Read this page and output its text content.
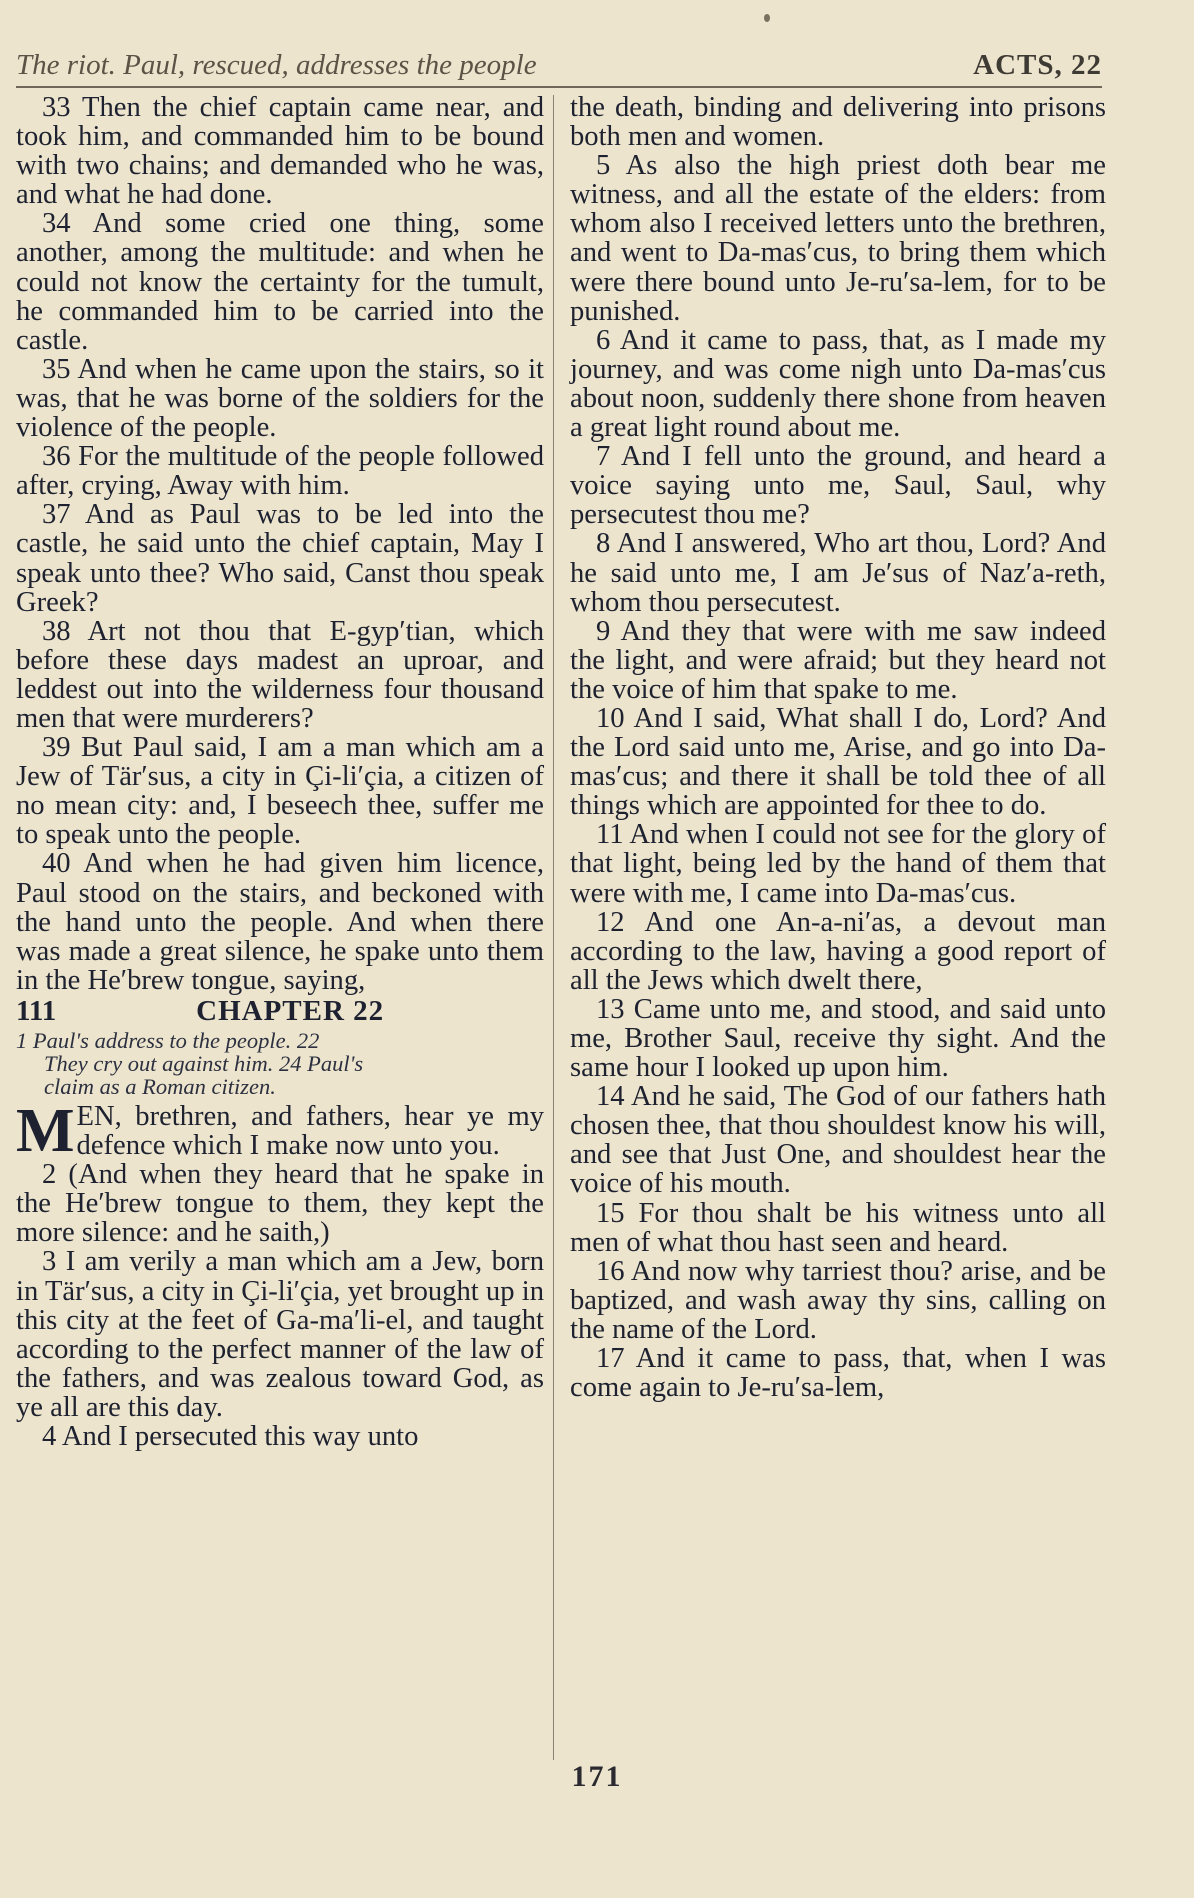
The riot. Paul, rescued, addresses the people	ACTS, 22

33 Then the chief captain came near, and took him, and commanded him to be bound with two chains; and demanded who he was, and what he had done.

34 And some cried one thing, some another, among the multitude: and when he could not know the certainty for the tumult, he commanded him to be carried into the castle.

35 And when he came upon the stairs, so it was, that he was borne of the soldiers for the violence of the people.

36 For the multitude of the people followed after, crying, Away with him.

37 And as Paul was to be led into the castle, he said unto the chief captain, May I speak unto thee? Who said, Canst thou speak Greek?

38 Art not thou that E-gyp′tian, which before these days madest an uproar, and leddest out into the wilderness four thousand men that were murderers?

39 But Paul said, I am a man which am a Jew of Tär′sus, a city in Çi-li′çia, a citizen of no mean city: and, I beseech thee, suffer me to speak unto the people.

40 And when he had given him licence, Paul stood on the stairs, and beckoned with the hand unto the people. And when there was made a great silence, he spake unto them in the He′brew tongue, saying,

111	CHAPTER 22
1 Paul's address to the people. 22
They cry out against him. 24 Paul's
claim as a Roman citizen.
M EN, brethren, and fathers, hear ye my defence which I make now unto you.

2 (And when they heard that he spake in the He′brew tongue to them, they kept the more silence: and he saith,)

3 I am verily a man which am a Jew, born in Tär′sus, a city in Çi-li′çia, yet brought up in this city at the feet of Ga-ma′li-el, and taught according to the perfect manner of the law of the fathers, and was zealous toward God, as ye all are this day.

4 And I persecuted this way unto

the death, binding and delivering into prisons both men and women.

5 As also the high priest doth bear me witness, and all the estate of the elders: from whom also I received letters unto the brethren, and went to Da-mas′cus, to bring them which were there bound unto Je-ru′sa-lem, for to be punished.

6 And it came to pass, that, as I made my journey, and was come nigh unto Da-mas′cus about noon, suddenly there shone from heaven a great light round about me.

7 And I fell unto the ground, and heard a voice saying unto me, Saul, Saul, why persecutest thou me?

8 And I answered, Who art thou, Lord? And he said unto me, I am Je′sus of Naz′a-reth, whom thou persecutest.

9 And they that were with me saw indeed the light, and were afraid; but they heard not the voice of him that spake to me.

10 And I said, What shall I do, Lord? And the Lord said unto me, Arise, and go into Da-mas′cus; and there it shall be told thee of all things which are appointed for thee to do.

11 And when I could not see for the glory of that light, being led by the hand of them that were with me, I came into Da-mas′cus.

12 And one An-a-ni′as, a devout man according to the law, having a good report of all the Jews which dwelt there,

13 Came unto me, and stood, and said unto me, Brother Saul, receive thy sight. And the same hour I looked up upon him.

14 And he said, The God of our fathers hath chosen thee, that thou shouldest know his will, and see that Just One, and shouldest hear the voice of his mouth.

15 For thou shalt be his witness unto all men of what thou hast seen and heard.

16 And now why tarriest thou? arise, and be baptized, and wash away thy sins, calling on the name of the Lord.

17 And it came to pass, that, when I was come again to Je-ru′sa-lem,

171
